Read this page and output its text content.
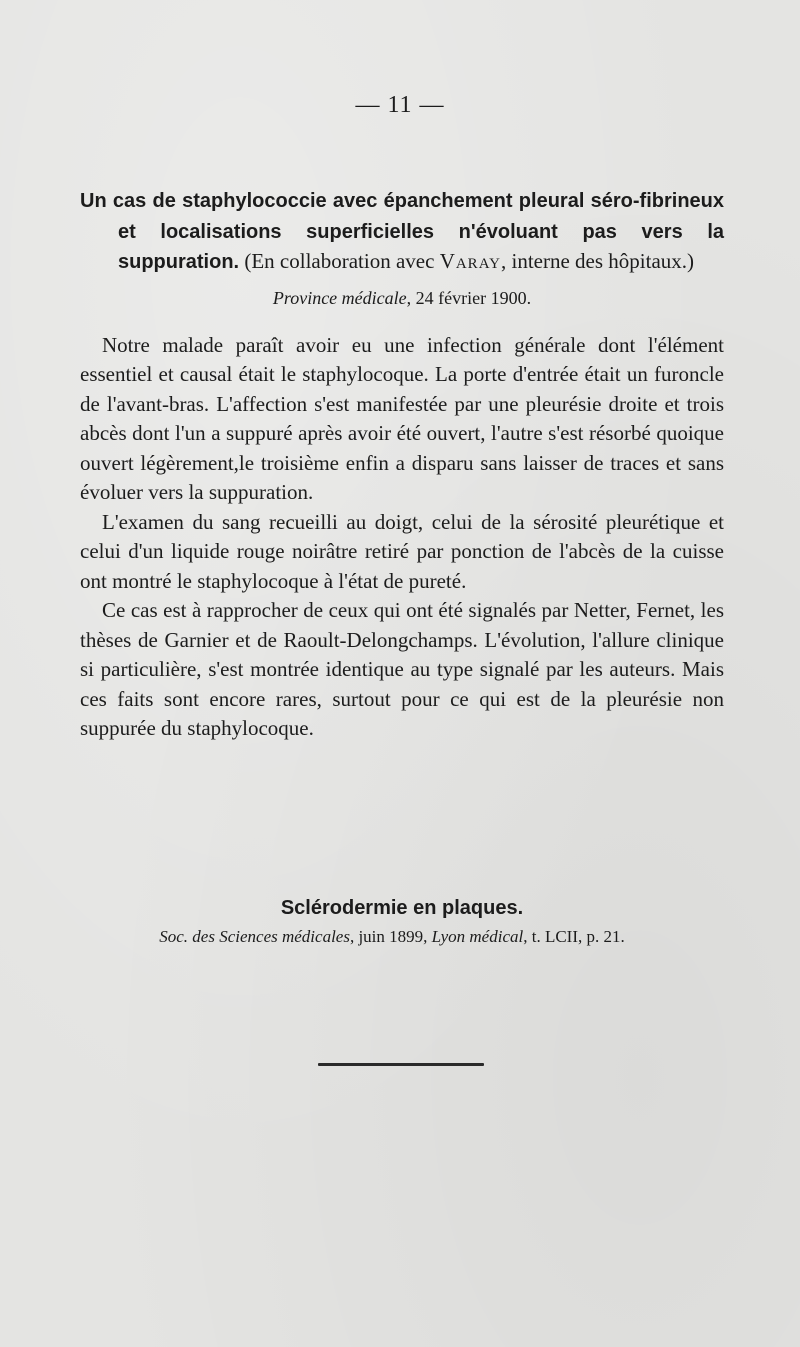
— 11 —

Un cas de staphylococcie avec épanchement pleural séro-fibrineux et localisations superficielles n'évoluant pas vers la suppuration. (En collaboration avec Varay, interne des hôpitaux.)

Province médicale, 24 février 1900.

Notre malade paraît avoir eu une infection générale dont l'élément essentiel et causal était le staphylocoque. La porte d'entrée était un furoncle de l'avant-bras. L'affection s'est manifestée par une pleurésie droite et trois abcès dont l'un a suppuré après avoir été ouvert, l'autre s'est résorbé quoique ouvert légèrement,le troisième enfin a disparu sans laisser de traces et sans évoluer vers la suppuration.

L'examen du sang recueilli au doigt, celui de la sérosité pleurétique et celui d'un liquide rouge noirâtre retiré par ponction de l'abcès de la cuisse ont montré le staphylocoque à l'état de pureté.

Ce cas est à rapprocher de ceux qui ont été signalés par Netter, Fernet, les thèses de Garnier et de Raoult-Delongchamps. L'évolution, l'allure clinique si particulière, s'est montrée identique au type signalé par les auteurs. Mais ces faits sont encore rares, surtout pour ce qui est de la pleurésie non suppurée du staphylocoque.

Sclérodermie en plaques.

Soc. des Sciences médicales, juin 1899, Lyon médical, t. LCII, p. 21.
